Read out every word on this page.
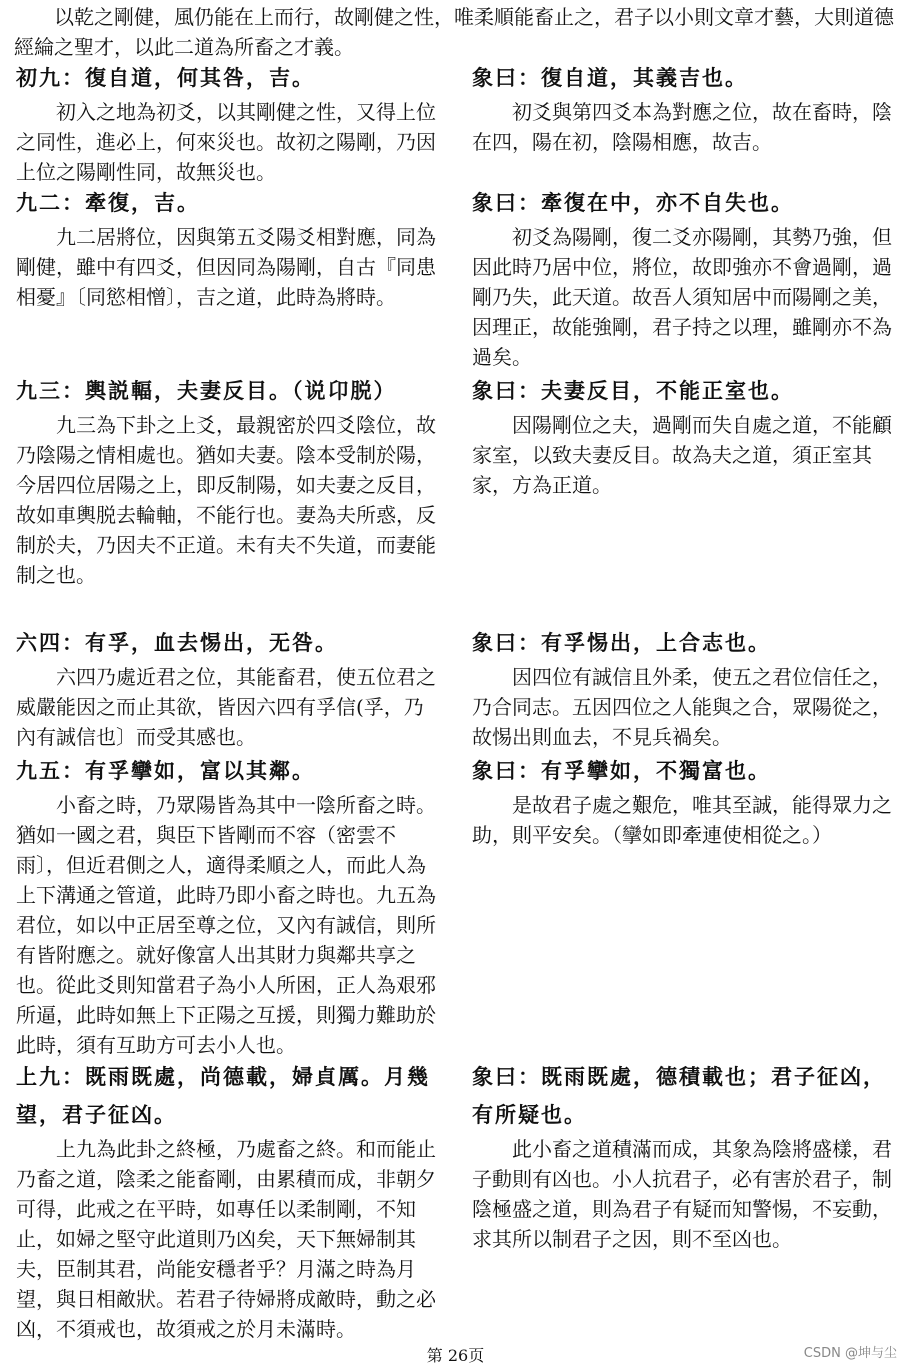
以乾之剛健，風仍能在上而行，故剛健之性，唯柔順能畜止之，君子以小則文章才藝，大則道德經綸之聖才，以此二道為所畜之才義。

初九：復自道，何其咎，吉。
初入之地為初爻，以其剛健之性，又得上位之同性，進必上，何來災也。故初之陽剛，乃因上位之陽剛性同，故無災也。
九二：牽復，吉。
九二居將位，因與第五爻陽爻相對應，同為剛健，雖中有四爻，但因同為陽剛，自古『同患相憂』〔同慾相憎〕，吉之道，此時為將時。
九三：輿説輻，夫妻反目。（说卬脱）
九三為下卦之上爻，最親密於四爻陰位，故乃陰陽之情相處也。猶如夫妻。陰本受制於陽，今居四位居陽之上，即反制陽，如夫妻之反目，故如車輿脱去輪軸，不能行也。妻為夫所惑，反制於夫，乃因夫不正道。未有夫不失道，而妻能制之也。
六四：有孚，血去惕出，无咎。
六四乃處近君之位，其能畜君，使五位君之威嚴能因之而止其欲，皆因六四有孚信(孚，乃內有誠信也〕而受其感也。
九五：有孚攣如，富以其鄰。
小畜之時，乃眾陽皆為其中一陰所畜之時。猶如一國之君，與臣下皆剛而不容（密雲不雨〕，但近君側之人，適得柔順之人，而此人為上下溝通之管道，此時乃即小畜之時也。九五為君位，如以中正居至尊之位，又內有誠信，則所有皆附應之。就好像富人出其財力與鄰共享之也。從此爻則知當君子為小人所困，正人為艰邪所逼，此時如無上下正陽之互援，則獨力難助於此時，須有互助方可去小人也。
上九：既雨既處，尚德載，婦貞厲。月幾望，君子征凶。
上九為此卦之終極，乃處畜之終。和而能止乃畜之道，陰柔之能畜剛，由累積而成，非朝夕可得，此戒之在平時，如專任以柔制剛，不知止，如婦之堅守此道則乃凶矣，天下無婦制其夫，臣制其君，尚能安穩者乎？月滿之時為月望，與日相敵狀。若君子待婦將成敵時，動之必凶，不須戒也，故須戒之於月未滿時。
象曰：復自道，其義吉也。
初爻與第四爻本為對應之位，故在畜時，陰在四，陽在初，陰陽相應，故吉。
象曰：牽復在中，亦不自失也。
初爻為陽剛，復二爻亦陽剛，其勢乃強，但因此時乃居中位，將位，故即強亦不會過剛，過剛乃失，此天道。故吾人須知居中而陽剛之美，因理正，故能強剛，君子持之以理，雖剛亦不為過矣。
象曰：夫妻反目，不能正室也。
因陽剛位之夫，過剛而失自處之道，不能顧家室，以致夫妻反目。故為夫之道，須正室其家，方為正道。
象曰：有孚惕出，上合志也。
因四位有誠信且外柔，使五之君位信任之，乃合同志。五因四位之人能與之合，眾陽從之，故惕出則血去，不見兵禍矣。
象曰：有孚攣如，不獨富也。
是故君子處之艱危，唯其至誠，能得眾力之助，則平安矣。（攣如即牽連使相從之。）
象曰：既雨既處，德積載也；君子征凶，有所疑也。
此小畜之道積滿而成，其象為陰將盛樣，君子動則有凶也。小人抗君子，必有害於君子，制陰極盛之道，則為君子有疑而知警惕，不妄動，求其所以制君子之因，則不至凶也。
第 26页	CSDN @坤与尘
